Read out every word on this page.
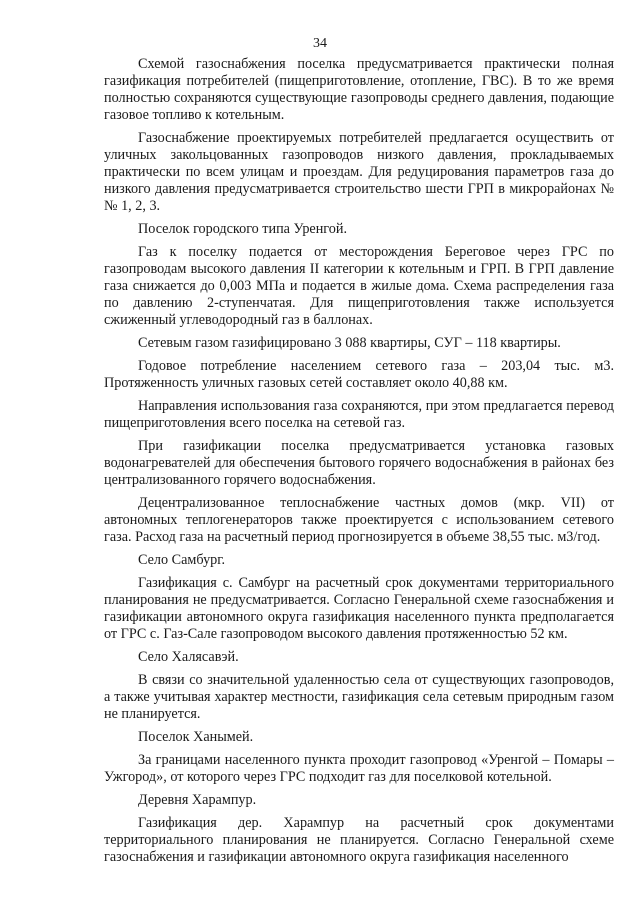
34

Схемой газоснабжения поселка предусматривается практически полная газификация потребителей (пищеприготовление, отопление, ГВС). В то же время полностью сохраняются существующие газопроводы среднего давления, подающие газовое топливо к котельным.

Газоснабжение проектируемых потребителей предлагается осуществить от уличных закольцованных газопроводов низкого давления, прокладываемых практически по всем улицам и проездам. Для редуцирования параметров газа до низкого давления предусматривается строительство шести ГРП в микрорайонах №№ 1, 2, 3.

Поселок городского типа Уренгой.

Газ к поселку подается от месторождения Береговое через ГРС по газопроводам высокого давления II категории к котельным и ГРП. В ГРП давление газа снижается до 0,003 МПа и подается в жилые дома. Схема распределения газа по давлению 2-ступенчатая. Для пищеприготовления также используется сжиженный углеводородный газ в баллонах.

Сетевым газом газифицировано 3 088 квартиры, СУГ – 118 квартиры.

Годовое потребление населением сетевого газа – 203,04 тыс. м3. Протяженность уличных газовых сетей составляет около 40,88 км.

Направления использования газа сохраняются, при этом предлагается перевод пищеприготовления всего поселка на сетевой газ.

При газификации поселка предусматривается установка газовых водонагревателей для обеспечения бытового горячего водоснабжения в районах без централизованного горячего водоснабжения.

Децентрализованное теплоснабжение частных домов (мкр. VII) от автономных теплогенераторов также проектируется с использованием сетевого газа. Расход газа на расчетный период прогнозируется в объеме 38,55 тыс. м3/год.

Село Самбург.

Газификация с. Самбург на расчетный срок документами территориального планирования не предусматривается. Согласно Генеральной схеме газоснабжения и газификации автономного округа газификация населенного пункта предполагается от ГРС с. Газ-Сале газопроводом высокого давления протяженностью 52 км.

Село Халясавэй.

В связи со значительной удаленностью села от существующих газопроводов, а также учитывая характер местности, газификация села сетевым природным газом не планируется.

Поселок Ханымей.

За границами населенного пункта проходит газопровод «Уренгой – Помары – Ужгород», от которого через ГРС подходит газ для поселковой котельной.

Деревня Харампур.

Газификация дер. Харампур на расчетный срок документами территориального планирования не планируется. Согласно Генеральной схеме газоснабжения и газификации автономного округа газификация населенного
